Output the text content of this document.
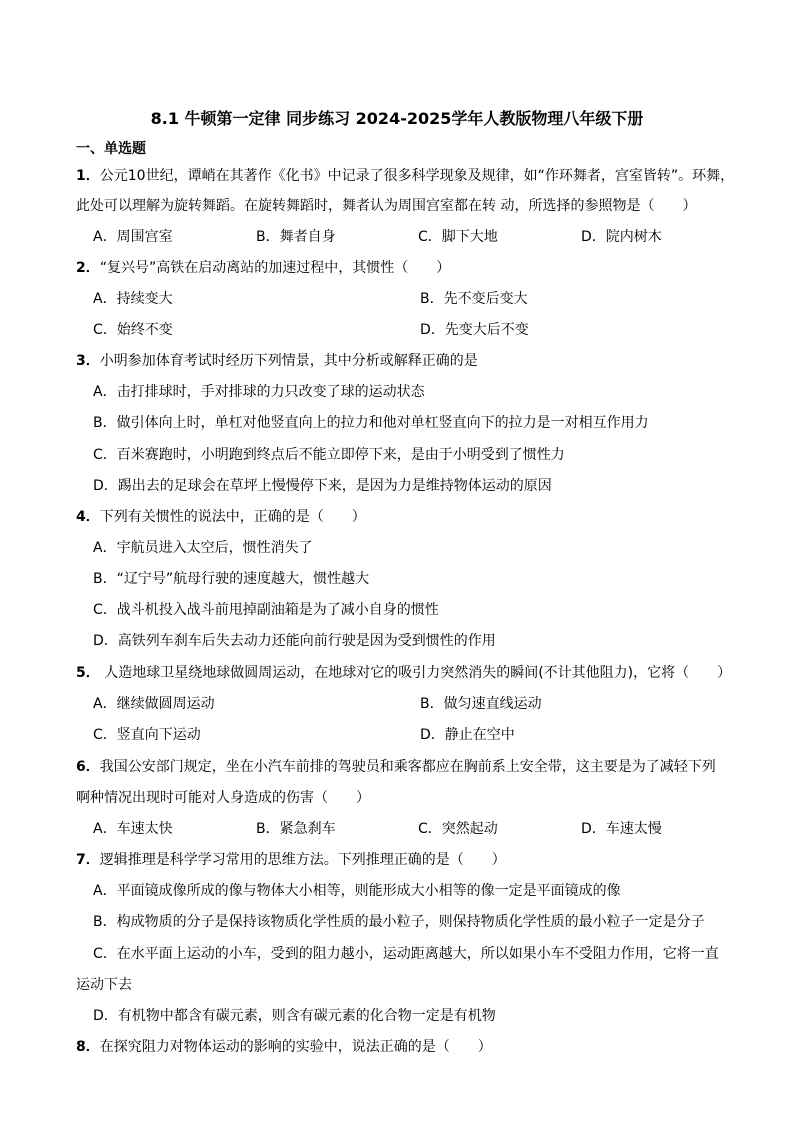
8.1 牛顿第一定律 同步练习 2024-2025学年人教版物理八年级下册
一、单选题
1．公元10世纪，谭峭在其著作《化书》中记录了很多科学现象及规律，如“作环舞者，宫室皆转”。环舞，
此处可以理解为旋转舞蹈。在旋转舞蹈时，舞者认为周围宫室都在转 动，所选择的参照物是（　　）
A．周围宫室	B．舞者自身	C．脚下大地	D．院内树木
2．“复兴号”高铁在启动离站的加速过程中，其惯性（　　）
A．持续变大	B．先不变后变大
C．始终不变	D．先变大后不变
3．小明参加体育考试时经历下列情景，其中分析或解释正确的是
A．击打排球时，手对排球的力只改变了球的运动状态
B．做引体向上时，单杠对他竖直向上的拉力和他对单杠竖直向下的拉力是一对相互作用力
C．百米赛跑时，小明跑到终点后不能立即停下来，是由于小明受到了惯性力
D．踢出去的足球会在草坪上慢慢停下来，是因为力是维持物体运动的原因
4．下列有关惯性的说法中，正确的是（　　）
A．宇航员进入太空后，惯性消失了
B．“辽宁号”航母行驶的速度越大，惯性越大
C．战斗机投入战斗前甩掉副油箱是为了减小自身的惯性
D．高铁列车刹车后失去动力还能向前行驶是因为受到惯性的作用
5． 人造地球卫星绕地球做圆周运动，在地球对它的吸引力突然消失的瞬间(不计其他阻力)，它将（　　）
A．继续做圆周运动	B．做匀速直线运动
C．竖直向下运动	D．静止在空中
6．我国公安部门规定，坐在小汽车前排的驾驶员和乘客都应在胸前系上安全带，这主要是为了减轻下列
啊种情况出现时可能对人身造成的伤害（　　）
A．车速太快	B．紧急刹车	C．突然起动	D．车速太慢
7．逻辑推理是科学学习常用的思维方法。下列推理正确的是（　　）
A．平面镜成像所成的像与物体大小相等，则能形成大小相等的像一定是平面镜成的像
B．构成物质的分子是保持该物质化学性质的最小粒子，则保持物质化学性质的最小粒子一定是分子
C．在水平面上运动的小车，受到的阻力越小，运动距离越大，所以如果小车不受阻力作用，它将一直
运动下去
D．有机物中都含有碳元素，则含有碳元素的化合物一定是有机物
8．在探究阻力对物体运动的影响的实验中，说法正确的是（　　）
